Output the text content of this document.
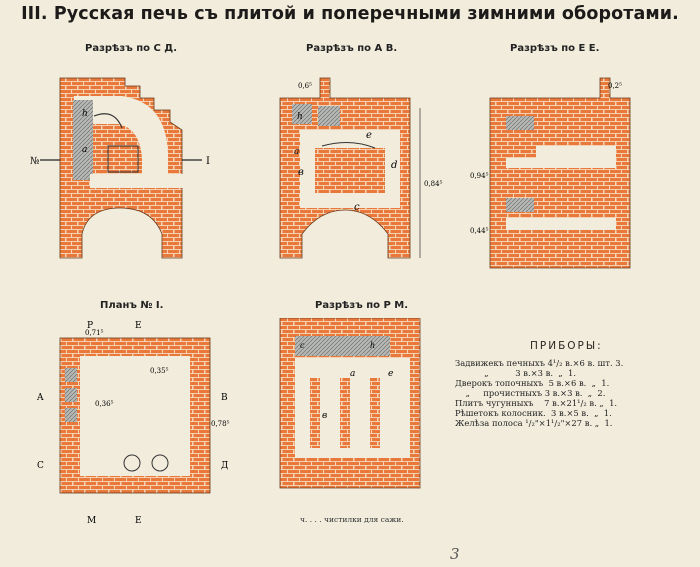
III. Русская печь съ плитой и поперечными зимними оборотами.
Разрѣзъ по С Д.
h
a
№	I
Разрѣзъ по А В.
h
a
в
c
d
e
0,6⁵
0,84⁵
Разрѣзъ по Е Е.
0,94⁵
0,44⁵
0,2⁵
Планъ № I.
0,71⁵
0,35⁵
0,36⁵
0,78⁵
P	E
E
M
A	B
C	Д
Разрѣзъ по Р М.
c	h
a
в
e
ПРИБОРЫ:
Задвижекъ печныхъ 4¹/₂ в.×6 в. шт. 3.
„          3 в.×3 в.  „  1.
Дверокъ топочныхъ  5 в.×6 в.  „  1.
„     прочистныхъ 3 в.×3 в.  „  2.
Плитъ чугунныхъ    7 в.×21¹/₂ в. „  1.
Рѣшетокъ колосник.  3 в.×5 в.  „  1.
Желѣза полоса ¹/₂"×1¹/₂"×27 в. „  1.
ч. . . . чистилки для сажи.
3
